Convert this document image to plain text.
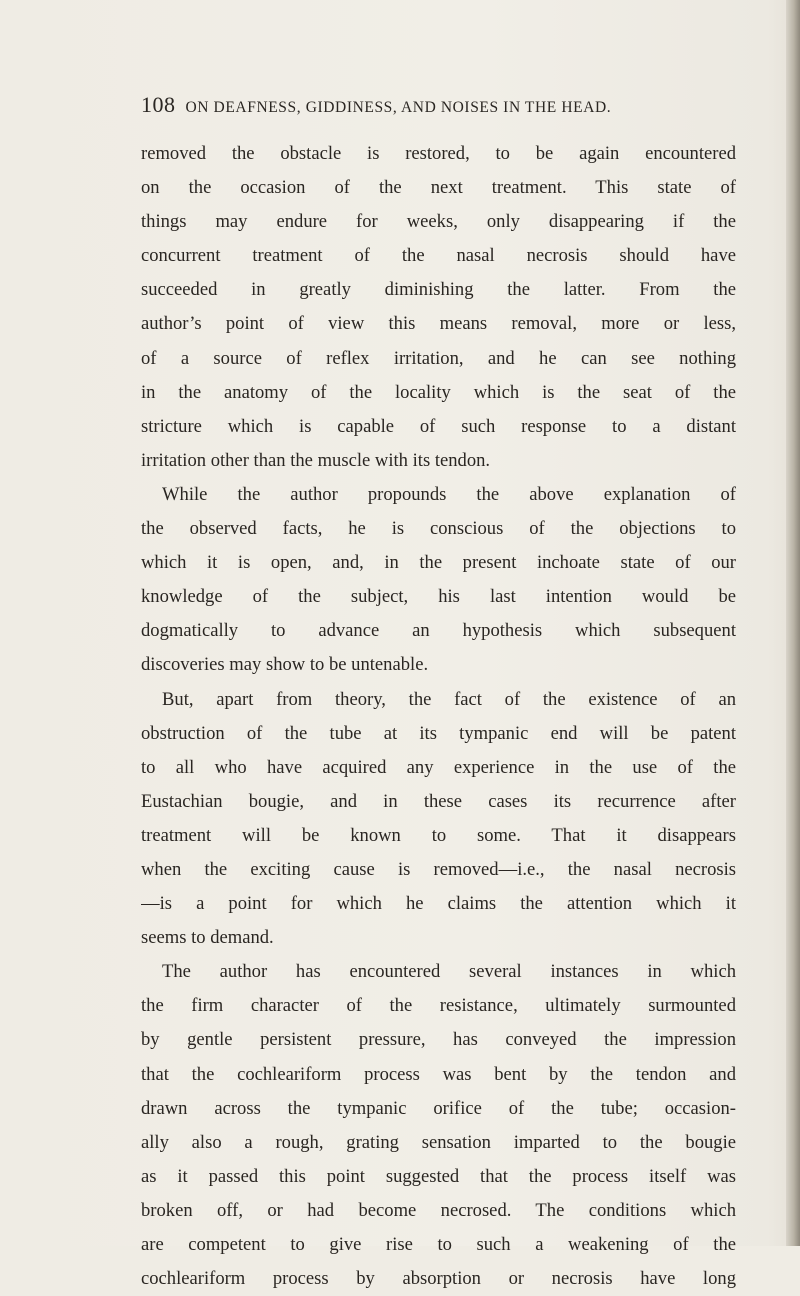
108 ON DEAFNESS, GIDDINESS, AND NOISES IN THE HEAD.
removed the obstacle is restored, to be again encountered
on the occasion of the next treatment. This state of
things may endure for weeks, only disappearing if the
concurrent treatment of the nasal necrosis should have
succeeded in greatly diminishing the latter. From the
author’s point of view this means removal, more or less,
of a source of reflex irritation, and he can see nothing
in the anatomy of the locality which is the seat of the
stricture which is capable of such response to a distant
irritation other than the muscle with its tendon.
While the author propounds the above explanation of
the observed facts, he is conscious of the objections to
which it is open, and, in the present inchoate state of our
knowledge of the subject, his last intention would be
dogmatically to advance an hypothesis which subsequent
discoveries may show to be untenable.
But, apart from theory, the fact of the existence of an
obstruction of the tube at its tympanic end will be patent
to all who have acquired any experience in the use of the
Eustachian bougie, and in these cases its recurrence after
treatment will be known to some. That it disappears
when the exciting cause is removed—i.e., the nasal necrosis
—is a point for which he claims the attention which it
seems to demand.
The author has encountered several instances in which
the firm character of the resistance, ultimately surmounted
by gentle persistent pressure, has conveyed the impression
that the cochleariform process was bent by the tendon and
drawn across the tympanic orifice of the tube; occasion-
ally also a rough, grating sensation imparted to the bougie
as it passed this point suggested that the process itself was
broken off, or had become necrosed. The conditions which
are competent to give rise to such a weakening of the
cochleariform process by absorption or necrosis have long
